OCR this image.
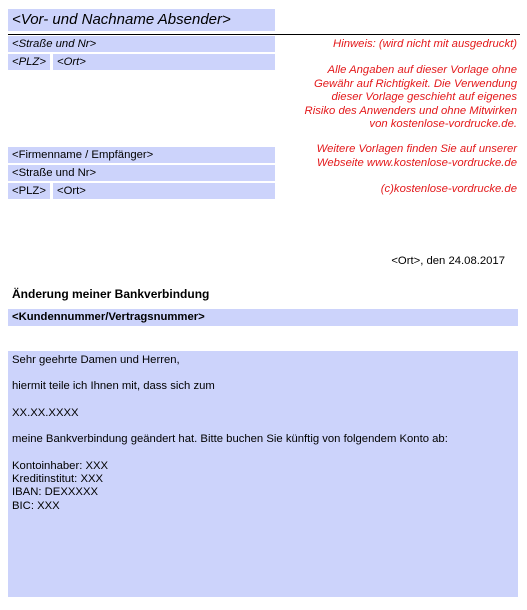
<Vor- und Nachname Absender>
<Straße und Nr>
<PLZ> <Ort>
Hinweis: (wird nicht mit ausgedruckt)
Alle Angaben auf dieser Vorlage ohne
Gewähr auf Richtigkeit. Die Verwendung
dieser Vorlage geschieht auf eigenes
Risiko des Anwenders und ohne Mitwirken
von kostenlose-vordrucke.de.
Weitere Vorlagen finden Sie auf unserer
Webseite www.kostenlose-vordrucke.de
(c)kostenlose-vordrucke.de
<Firmenname / Empfänger>
<Straße und Nr>
<PLZ> <Ort>
<Ort>, den 24.08.2017
Änderung meiner Bankverbindung
<Kundennummer/Vertragsnummer>
Sehr geehrte Damen und Herren,
hiermit teile ich Ihnen mit, dass sich zum
XX.XX.XXXX
meine Bankverbindung geändert hat. Bitte buchen Sie künftig von folgendem Konto ab:
Kontoinhaber: XXX
Kreditinstitut: XXX
IBAN: DEXXXXX
BIC: XXX
